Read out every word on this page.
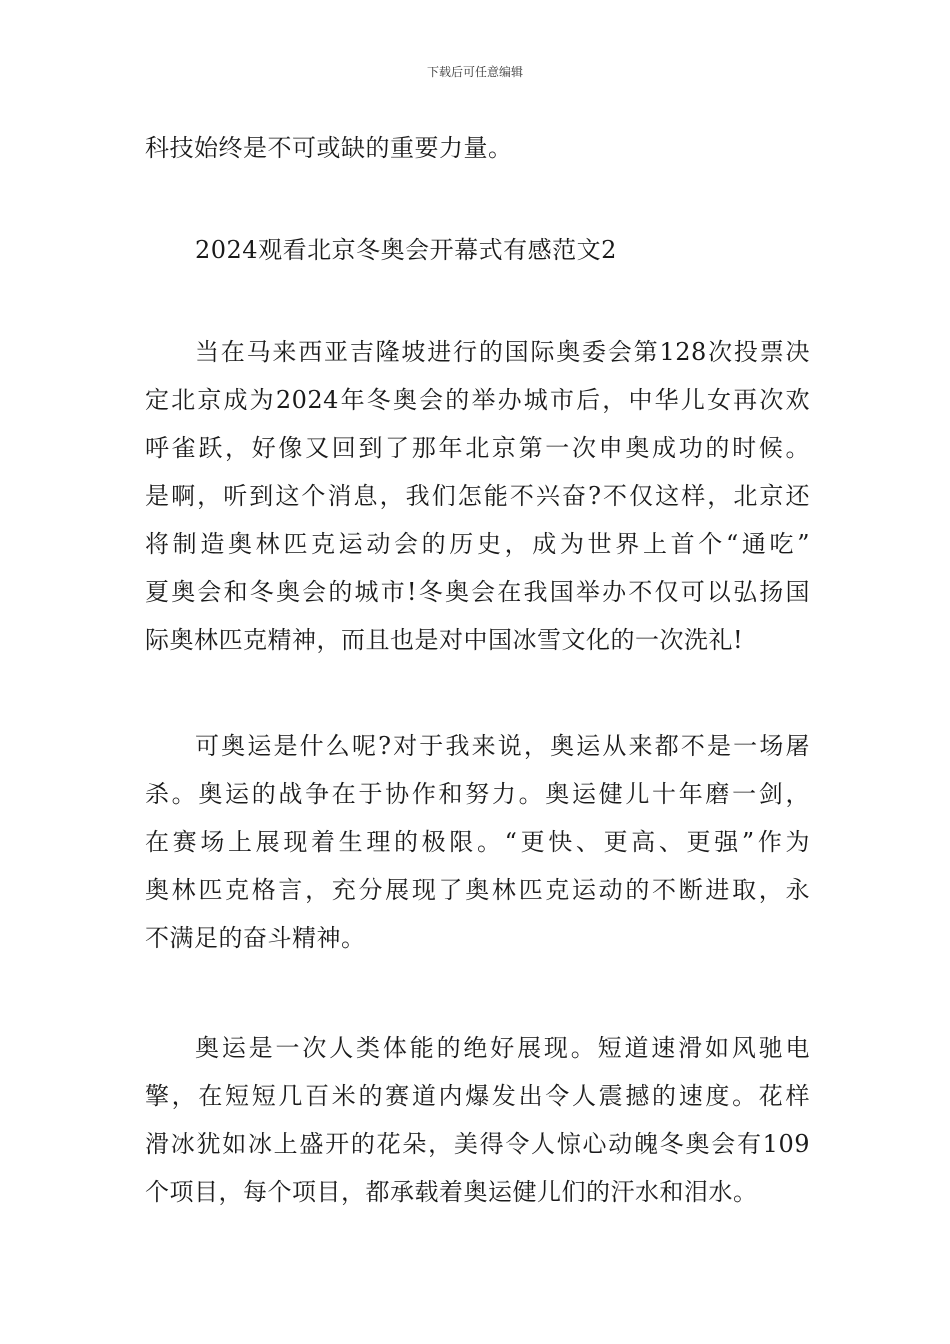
下载后可任意编辑
科技始终是不可或缺的重要力量。
2024观看北京冬奥会开幕式有感范文2
当在马来西亚吉隆坡进行的国际奥委会第128次投票决
定北京成为2024年冬奥会的举办城市后，中华儿女再次欢
呼雀跃，好像又回到了那年北京第一次申奥成功的时候。
是啊，听到这个消息，我们怎能不兴奋?不仅这样，北京还
将制造奥林匹克运动会的历史，成为世界上首个“通吃”
夏奥会和冬奥会的城市!冬奥会在我国举办不仅可以弘扬国
际奥林匹克精神，而且也是对中国冰雪文化的一次洗礼!
可奥运是什么呢?对于我来说，奥运从来都不是一场屠
杀。奥运的战争在于协作和努力。奥运健儿十年磨一剑，
在赛场上展现着生理的极限。“更快、更高、更强”作为
奥林匹克格言，充分展现了奥林匹克运动的不断进取，永
不满足的奋斗精神。
奥运是一次人类体能的绝好展现。短道速滑如风驰电
擎，在短短几百米的赛道内爆发出令人震撼的速度。花样
滑冰犹如冰上盛开的花朵，美得令人惊心动魄冬奥会有109
个项目，每个项目，都承载着奥运健儿们的汗水和泪水。
